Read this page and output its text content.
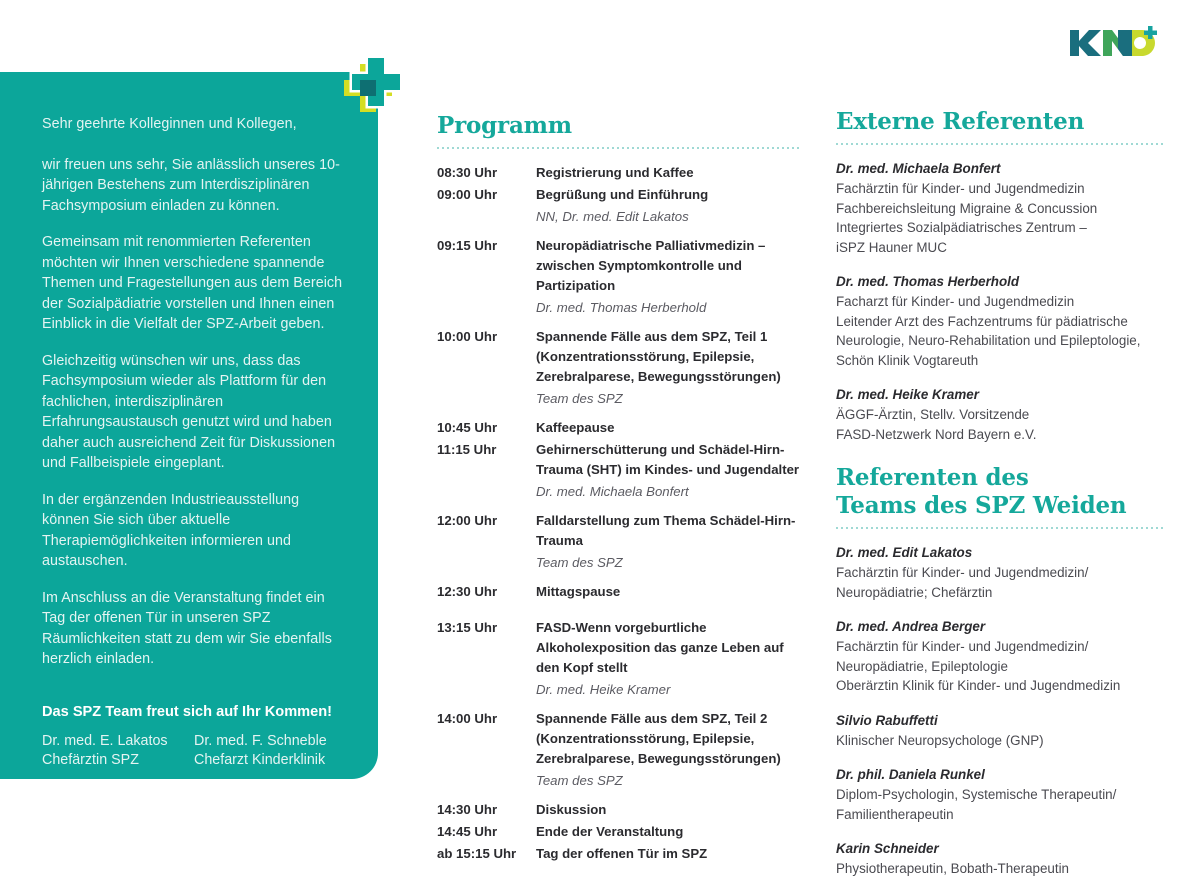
Sehr geehrte Kolleginnen und Kollegen,

wir freuen uns sehr, Sie anlässlich unseres 10-jährigen Bestehens zum Interdisziplinären Fachsymposium einladen zu können.

Gemeinsam mit renommierten Referenten möchten wir Ihnen verschiedene spannende Themen und Fragestellungen aus dem Bereich der Sozialpädiatrie vorstellen und Ihnen einen Einblick in die Vielfalt der SPZ-Arbeit geben.

Gleichzeitig wünschen wir uns, dass das Fachsymposium wieder als Plattform für den fachlichen, interdisziplinären Erfahrungsaustausch genutzt wird und haben daher auch ausreichend Zeit für Diskussionen und Fallbeispiele eingeplant.

In der ergänzenden Industrieausstellung können Sie sich über aktuelle Therapiemöglichkeiten informieren und austauschen.

Im Anschluss an die Veranstaltung findet ein Tag der offenen Tür in unseren SPZ Räumlichkeiten statt zu dem wir Sie ebenfalls herzlich einladen.

Das SPZ Team freut sich auf Ihr Kommen!
Dr. med. E. Lakatos
Chefärztin SPZ
Dr. med. F. Schneble
Chefarzt Kinderklinik
Programm
08:30 Uhr	Registrierung und Kaffee
09:00 Uhr	Begrüßung und Einführung
NN, Dr. med. Edit Lakatos
09:15 Uhr	Neuropädiatrische Palliativmedizin – zwischen Symptomkontrolle und Partizipation
Dr. med. Thomas Herberhold
10:00 Uhr	Spannende Fälle aus dem SPZ, Teil 1 (Konzentrationsstörung, Epilepsie, Zerebralparese, Bewegungsstörungen)
Team des SPZ
10:45 Uhr	Kaffeepause
11:15 Uhr	Gehirnerschütterung und Schädel-Hirn-Trauma (SHT) im Kindes- und Jugendalter
Dr. med. Michaela Bonfert
12:00 Uhr	Falldarstellung zum Thema Schädel-Hirn-Trauma
Team des SPZ
12:30 Uhr	Mittagspause
13:15 Uhr	FASD-Wenn vorgeburtliche Alkoholexposition das ganze Leben auf den Kopf stellt
Dr. med. Heike Kramer
14:00 Uhr	Spannende Fälle aus dem SPZ, Teil 2 (Konzentrationsstörung, Epilepsie, Zerebralparese, Bewegungsstörungen)
Team des SPZ
14:30 Uhr	Diskussion
14:45 Uhr	Ende der Veranstaltung
ab 15:15 Uhr	Tag der offenen Tür im SPZ
Externe Referenten
Dr. med. Michaela Bonfert
Fachärztin für Kinder- und Jugendmedizin
Fachbereichsleitung Migraine & Concussion
Integriertes Sozialpädiatrisches Zentrum –
iSPZ Hauner MUC
Dr. med. Thomas Herberhold
Facharzt für Kinder- und Jugendmedizin
Leitender Arzt des Fachzentrums für pädiatrische
Neurologie, Neuro-Rehabilitation und Epileptologie,
Schön Klinik Vogtareuth
Dr. med. Heike Kramer
ÄGGF-Ärztin, Stellv. Vorsitzende
FASD-Netzwerk Nord Bayern e.V.
Referenten des
Teams des SPZ Weiden
Dr. med. Edit Lakatos
Fachärztin für Kinder- und Jugendmedizin/
Neuropädiatrie; Chefärztin
Dr. med. Andrea Berger
Fachärztin für Kinder- und Jugendmedizin/
Neuropädiatrie, Epileptologie
Oberärztin Klinik für Kinder- und Jugendmedizin
Silvio Rabuffetti
Klinischer Neuropsychologe (GNP)
Dr. phil. Daniela Runkel
Diplom-Psychologin, Systemische Therapeutin/
Familientherapeutin
Karin Schneider
Physiotherapeutin, Bobath-Therapeutin
